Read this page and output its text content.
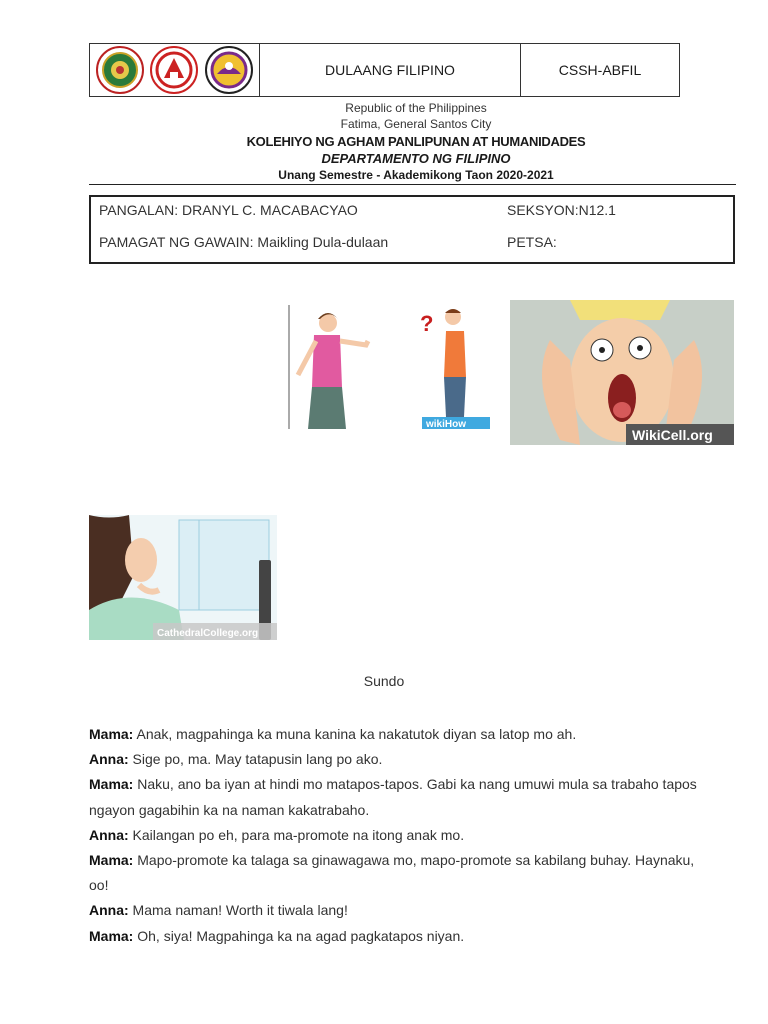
DULAANG FILIPINO	CSSH-ABFIL
Republic of the Philippines
Fatima, General Santos City
KOLEHIYO NG AGHAM PANLIPUNAN AT HUMANIDADES
DEPARTAMENTO NG FILIPINO
Unang Semestre - Akademikong Taon 2020-2021
PANGALAN: DRANYL C. MACABACYAO	SEKSYON:N12.1
PAMAGAT NG GAWAIN: Maikling Dula-dulaan	PETSA:
?
wikiHow
WikiCell.org
CathedralCollege.org
Sundo

Mama: Anak, magpahinga ka muna kanina ka nakatutok diyan sa latop mo ah.

Anna: Sige po, ma. May tatapusin lang po ako.

Mama: Naku, ano ba iyan at hindi mo matapos-tapos. Gabi ka nang umuwi mula sa trabaho tapos ngayon gagabihin ka na naman kakatrabaho.

Anna: Kailangan po eh, para ma-promote na itong anak mo.

Mama: Mapo-promote ka talaga sa ginawagawa mo, mapo-promote sa kabilang buhay. Haynaku, oo!

Anna: Mama naman! Worth it tiwala lang!

Mama: Oh, siya! Magpahinga ka na agad pagkatapos niyan.
